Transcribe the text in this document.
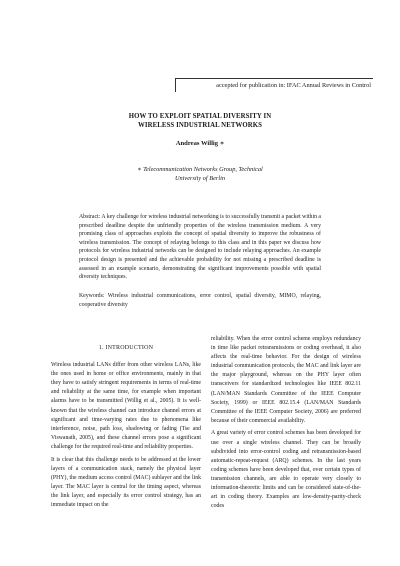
accepted for publication in: IFAC Annual Reviews in Control
HOW TO EXPLOIT SPATIAL DIVERSITY IN
WIRELESS INDUSTRIAL NETWORKS
Andreas Willig ∗
∗ Telecommunication Networks Group, Technical
University of Berlin
Abstract: A key challenge for wireless industrial networking is to successfully transmit a packet within a prescribed deadline despite the unfriendly properties of the wireless transmission medium. A very promising class of approaches exploits the concept of spatial diversity to improve the robustness of wireless transmission. The concept of relaying belongs to this class and in this paper we discuss how protocols for wireless industrial networks can be designed to include relaying approaches. An example protocol design is presented and the achievable probability for not missing a prescribed deadline is assessed in an example scenario, demonstrating the significant improvements possible with spatial diversity techniques.
Keywords: Wireless industrial communications, error control, spatial diversity, MIMO, relaying, cooperative diversity
1. INTRODUCTION

Wireless industrial LANs differ from other wireless LANs, like the ones used in home or office environments, mainly in that they have to satisfy stringent requirements in terms of real-time and reliability at the same time, for example when important alarms have to be transmitted (Willig et al., 2005). It is well-known that the wireless channel can introduce channel errors at significant and time-varying rates due to phenomena like interference, noise, path loss, shadowing or fading (Tse and Viswanath, 2005), and these channel errors pose a significant challenge for the required real-time and reliability properties.

It is clear that this challenge needs to be addressed at the lower layers of a communication stack, namely the physical layer (PHY), the medium access control (MAC) sublayer and the link layer. The MAC layer is central for the timing aspect, whereas the link layer, and especially its error control strategy, has an immediate impact on the

reliability. When the error control scheme employs redundancy in time like packet retransmissions or coding overhead, it also affects the real-time behavior. For the design of wireless industrial communication protocols, the MAC and link layer are the major playground, whereas on the PHY layer often transceivers for standardized technologies like IEEE 802.11 (LAN/MAN Standards Committee of the IEEE Computer Society, 1999) or IEEE 802.15.4 (LAN/MAN Standards Committee of the IEEE Computer Society, 2006) are preferred because of their commercial availability.

A great variety of error control schemes has been developed for use over a single wireless channel. They can be broadly subdivided into error-control coding and retransmission-based automatic-repeat-request (ARQ) schemes. In the last years coding schemes have been developed that, over certain types of transmission channels, are able to operate very closely to information-theoretic limits and can be considered state-of-the-art in coding theory. Examples are low-density-parity-check codes
